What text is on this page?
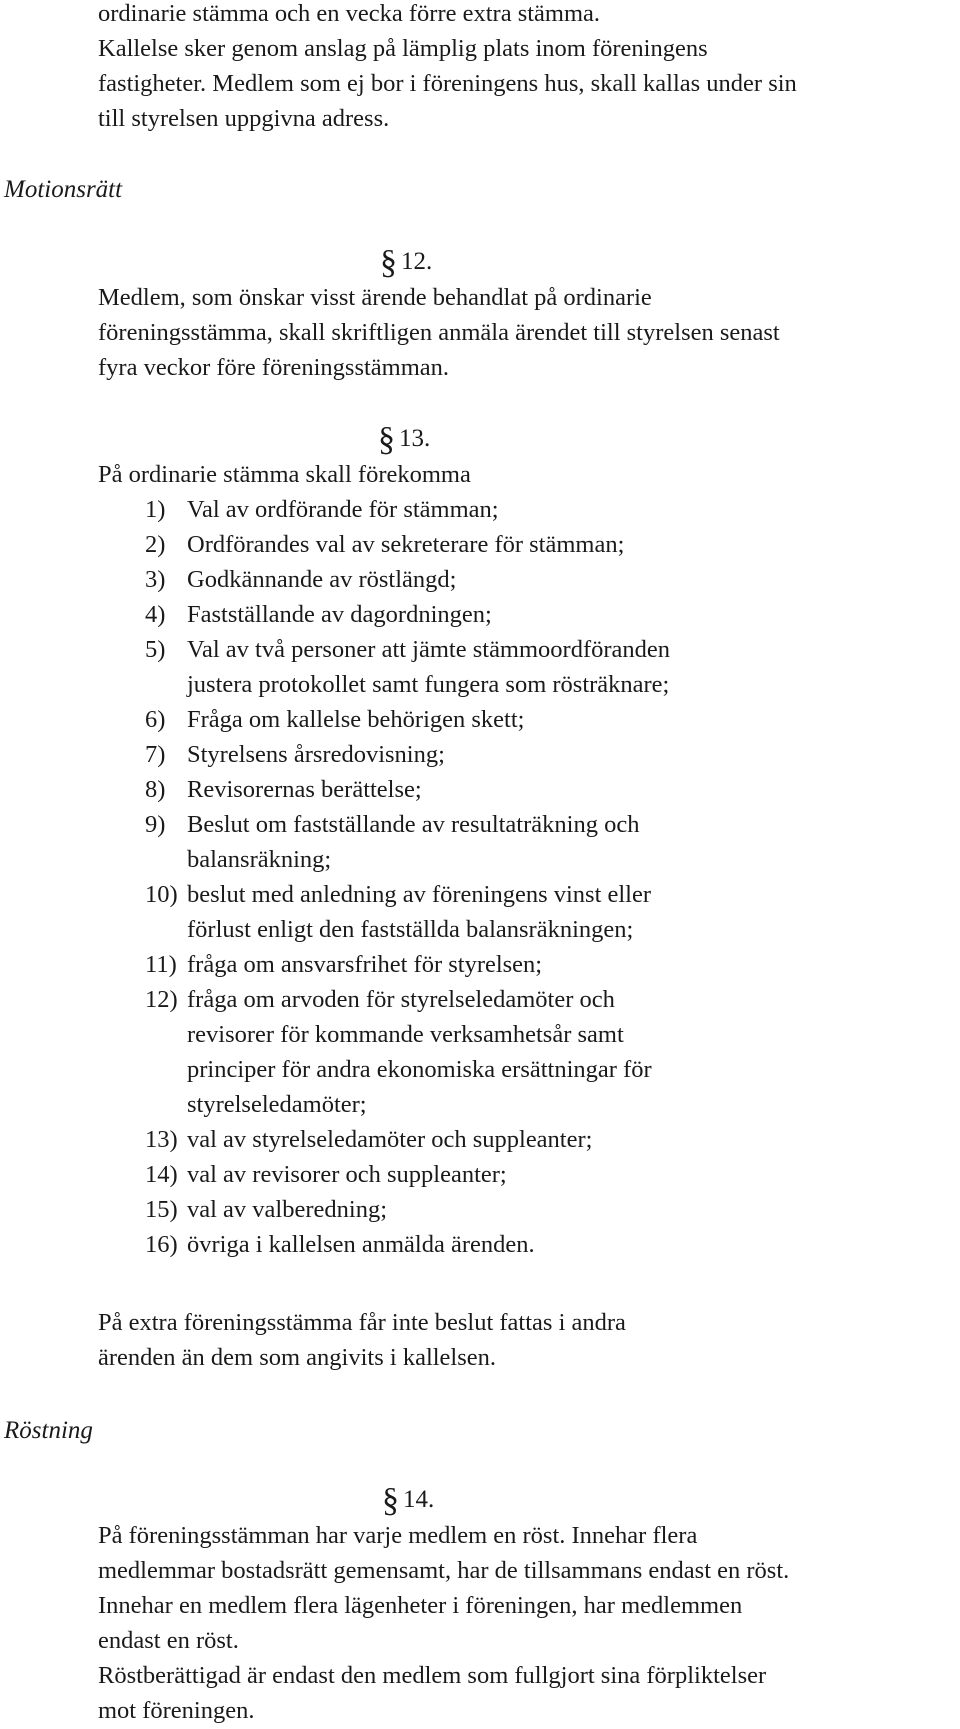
ordinarie stämma och en vecka förre extra stämma.
Kallelse sker genom anslag på lämplig plats inom föreningens
fastigheter. Medlem som ej bor i föreningens hus, skall kallas under sin
till styrelsen uppgivna adress.
Motionsrätt
§ 12.
Medlem, som önskar visst ärende behandlat på ordinarie
föreningsstämma, skall skriftligen anmäla ärendet till styrelsen senast
fyra veckor före föreningsstämman.
§ 13.
På ordinarie stämma skall förekomma
1) Val av ordförande för stämman;
2) Ordförandes val av sekreterare för stämman;
3) Godkännande av röstlängd;
4) Fastställande av dagordningen;
5) Val av två personer att jämte stämmoordföranden
justera protokollet samt fungera som rösträknare;
6) Fråga om kallelse behörigen skett;
7) Styrelsens årsredovisning;
8) Revisorernas berättelse;
9) Beslut om fastställande av resultaträkning och
balansräkning;
10) beslut med anledning av föreningens vinst eller
förlust enligt den fastställda balansräkningen;
11) fråga om ansvarsfrihet för styrelsen;
12) fråga om arvoden för styrelseledamöter och
revisorer för kommande verksamhetsår samt
principer för andra ekonomiska ersättningar för
styrelseledamöter;
13) val av styrelseledamöter och suppleanter;
14) val av revisorer och suppleanter;
15) val av valberedning;
16) övriga i kallelsen anmälda ärenden.
På extra föreningsstämma får inte beslut fattas i andra
ärenden än dem som angivits i kallelsen.
Röstning
§ 14.
På föreningsstämman har varje medlem en röst. Innehar flera
medlemmar bostadsrätt gemensamt, har de tillsammans endast en röst.
Innehar en medlem flera lägenheter i föreningen, har medlemmen
endast en röst.
Röstberättigad är endast den medlem som fullgjort sina förpliktelser
mot föreningen.
